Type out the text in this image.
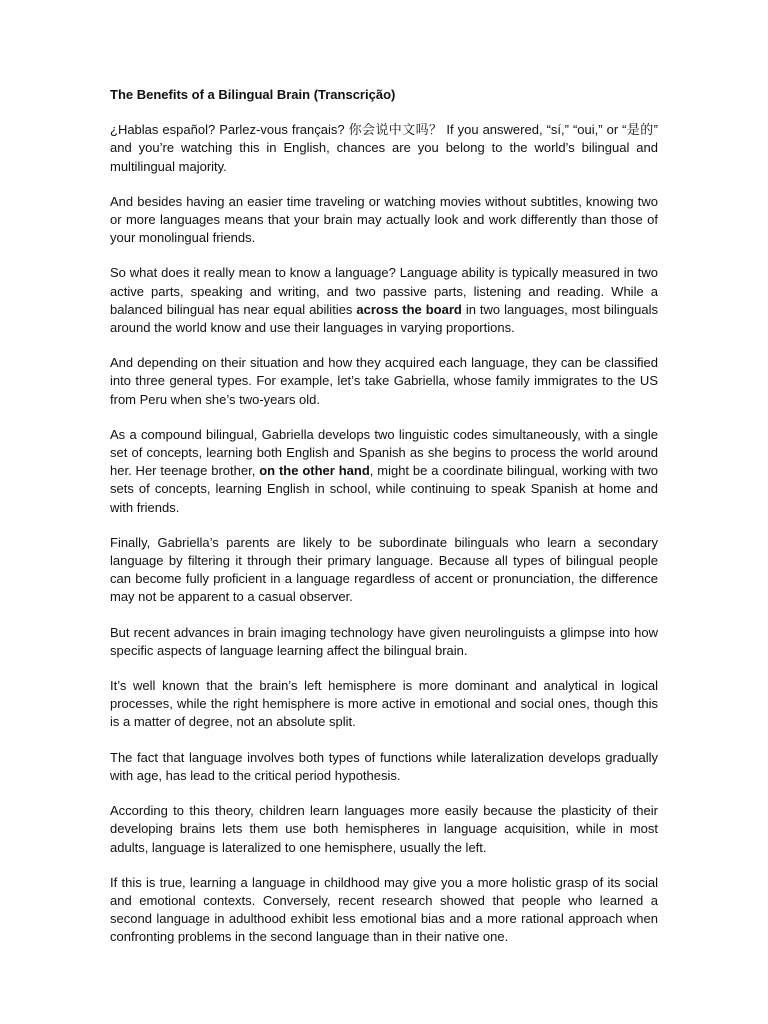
The Benefits of a Bilingual Brain (Transcrição)

¿Hablas español? Parlez-vous français? 你会说中文吗？ If you answered, “sí,” “oui,” or “是的” and you’re watching this in English, chances are you belong to the world’s bilingual and multilingual majority.

And besides having an easier time traveling or watching movies without subtitles, knowing two or more languages means that your brain may actually look and work differently than those of your monolingual friends.

So what does it really mean to know a language? Language ability is typically measured in two active parts, speaking and writing, and two passive parts, listening and reading. While a balanced bilingual has near equal abilities across the board in two languages, most bilinguals around the world know and use their languages in varying proportions.

And depending on their situation and how they acquired each language, they can be classified into three general types. For example, let’s take Gabriella, whose family immigrates to the US from Peru when she’s two-years old.

As a compound bilingual, Gabriella develops two linguistic codes simultaneously, with a single set of concepts, learning both English and Spanish as she begins to process the world around her. Her teenage brother, on the other hand, might be a coordinate bilingual, working with two sets of concepts, learning English in school, while continuing to speak Spanish at home and with friends.

Finally, Gabriella’s parents are likely to be subordinate bilinguals who learn a secondary language by filtering it through their primary language. Because all types of bilingual people can become fully proficient in a language regardless of accent or pronunciation, the difference may not be apparent to a casual observer.

But recent advances in brain imaging technology have given neurolinguists a glimpse into how specific aspects of language learning affect the bilingual brain.

It’s well known that the brain’s left hemisphere is more dominant and analytical in logical processes, while the right hemisphere is more active in emotional and social ones, though this is a matter of degree, not an absolute split.

The fact that language involves both types of functions while lateralization develops gradually with age, has lead to the critical period hypothesis.

According to this theory, children learn languages more easily because the plasticity of their developing brains lets them use both hemispheres in language acquisition, while in most adults, language is lateralized to one hemisphere, usually the left.

If this is true, learning a language in childhood may give you a more holistic grasp of its social and emotional contexts. Conversely, recent research showed that people who learned a second language in adulthood exhibit less emotional bias and a more rational approach when confronting problems in the second language than in their native one.
